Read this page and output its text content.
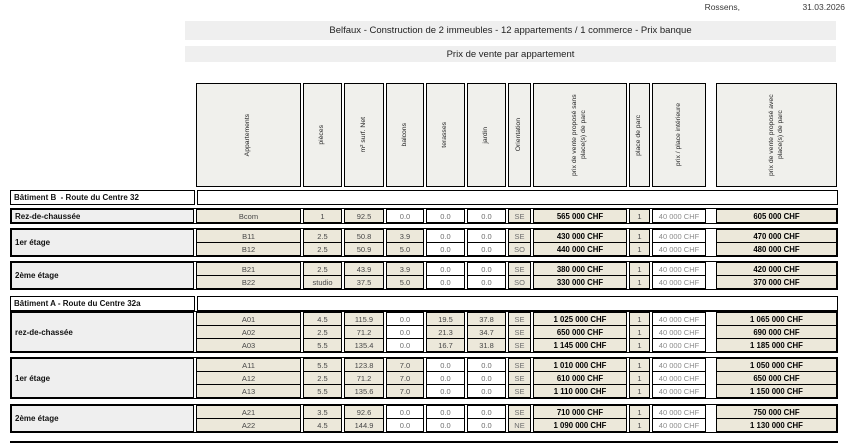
Rossens,	31.03.2026
Belfaux - Construction de 2 immeubles - 12 appartements / 1 commerce - Prix banque
Prix de vente par appartement
Appartements	pièces	m² surf. Net	balcons	terasses	jardin	Orientation	prix de vente proposé sans place(s) de parc	place de parc	prix / place intérieure	prix de vente proposé avec place(s) de parc
Bâtiment B  - Route du Centre 32
Rez-de-chaussée	Bcom	1	92.5	0.0	0.0	0.0	SE	565 000 CHF	1	40 000 CHF	605 000 CHF
1er étage
B11	2.5	50.8	3.9	0.0	0.0	SE	430 000 CHF	1	40 000 CHF	470 000 CHF
B12	2.5	50.9	5.0	0.0	0.0	SO	440 000 CHF	1	40 000 CHF	480 000 CHF
2ème étage
B21	2.5	43.9	3.9	0.0	0.0	SE	380 000 CHF	1	40 000 CHF	420 000 CHF
B22	studio	37.5	5.0	0.0	0.0	SO	330 000 CHF	1	40 000 CHF	370 000 CHF
Bâtiment A - Route du Centre 32a
rez-de-chassée
A01	4.5	115.9	0.0	19.5	37.8	SE	1 025 000 CHF	1	40 000 CHF	1 065 000 CHF
A02	2.5	71.2	0.0	21.3	34.7	SE	650 000 CHF	1	40 000 CHF	690 000 CHF
A03	5.5	135.4	0.0	16.7	31.8	SE	1 145 000 CHF	1	40 000 CHF	1 185 000 CHF
1er étage
A11	5.5	123.8	7.0	0.0	0.0	SE	1 010 000 CHF	1	40 000 CHF	1 050 000 CHF
A12	2.5	71.2	7.0	0.0	0.0	SE	610 000 CHF	1	40 000 CHF	650 000 CHF
A13	5.5	135.6	7.0	0.0	0.0	SE	1 110 000 CHF	1	40 000 CHF	1 150 000 CHF
2ème étage
A21	3.5	92.6	0.0	0.0	0.0	SE	710 000 CHF	1	40 000 CHF	750 000 CHF
A22	4.5	144.9	0.0	0.0	0.0	NE	1 090 000 CHF	1	40 000 CHF	1 130 000 CHF
